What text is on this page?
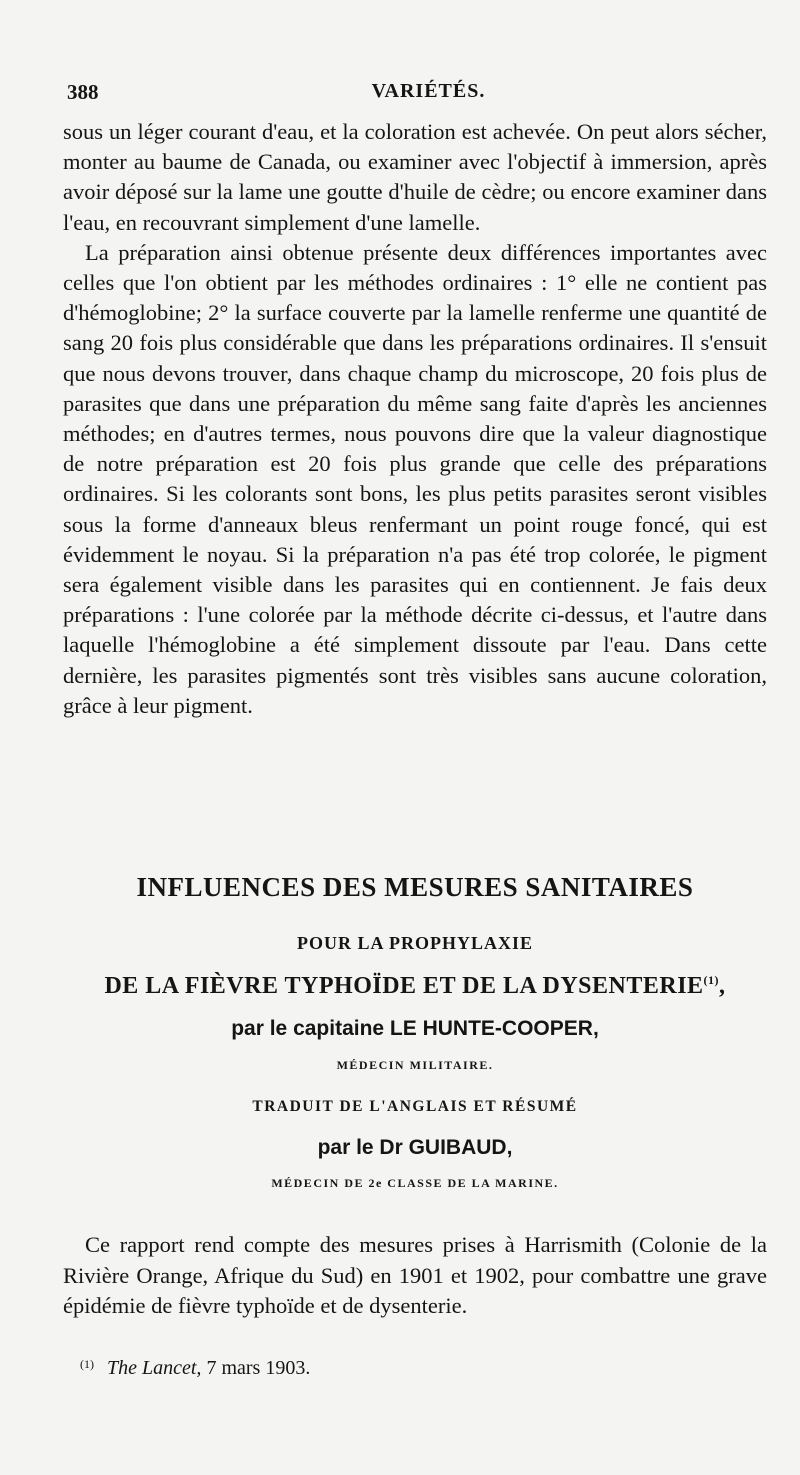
388	VARIÉTÉS.

sous un léger courant d'eau, et la coloration est achevée. On peut alors sécher, monter au baume de Canada, ou examiner avec l'objectif à immersion, après avoir déposé sur la lame une goutte d'huile de cèdre; ou encore examiner dans l'eau, en recouvrant simplement d'une lamelle.

La préparation ainsi obtenue présente deux différences importantes avec celles que l'on obtient par les méthodes ordinaires : 1° elle ne contient pas d'hémoglobine; 2° la surface couverte par la lamelle renferme une quantité de sang 20 fois plus considérable que dans les préparations ordinaires. Il s'ensuit que nous devons trouver, dans chaque champ du microscope, 20 fois plus de parasites que dans une préparation du même sang faite d'après les anciennes méthodes; en d'autres termes, nous pouvons dire que la valeur diagnostique de notre préparation est 20 fois plus grande que celle des préparations ordinaires. Si les colorants sont bons, les plus petits parasites seront visibles sous la forme d'anneaux bleus renfermant un point rouge foncé, qui est évidemment le noyau. Si la préparation n'a pas été trop colorée, le pigment sera également visible dans les parasites qui en contiennent. Je fais deux préparations : l'une colorée par la méthode décrite ci-dessus, et l'autre dans laquelle l'hémoglobine a été simplement dissoute par l'eau. Dans cette dernière, les parasites pigmentés sont très visibles sans aucune coloration, grâce à leur pigment.

INFLUENCES DES MESURES SANITAIRES
POUR LA PROPHYLAXIE
DE LA FIÈVRE TYPHOÏDE ET DE LA DYSENTERIE$^{(1)}$,
par le capitaine LE HUNTE-COOPER,
MÉDECIN MILITAIRE.
TRADUIT DE L'ANGLAIS ET RÉSUMÉ
par le Dr GUIBAUD,
MÉDECIN DE 2e CLASSE DE LA MARINE.
Ce rapport rend compte des mesures prises à Harrismith (Colonie de la Rivière Orange, Afrique du Sud) en 1901 et 1902, pour combattre une grave épidémie de fièvre typhoïde et de dysenterie.
$^{(1)}$ The Lancet, 7 mars 1903.
